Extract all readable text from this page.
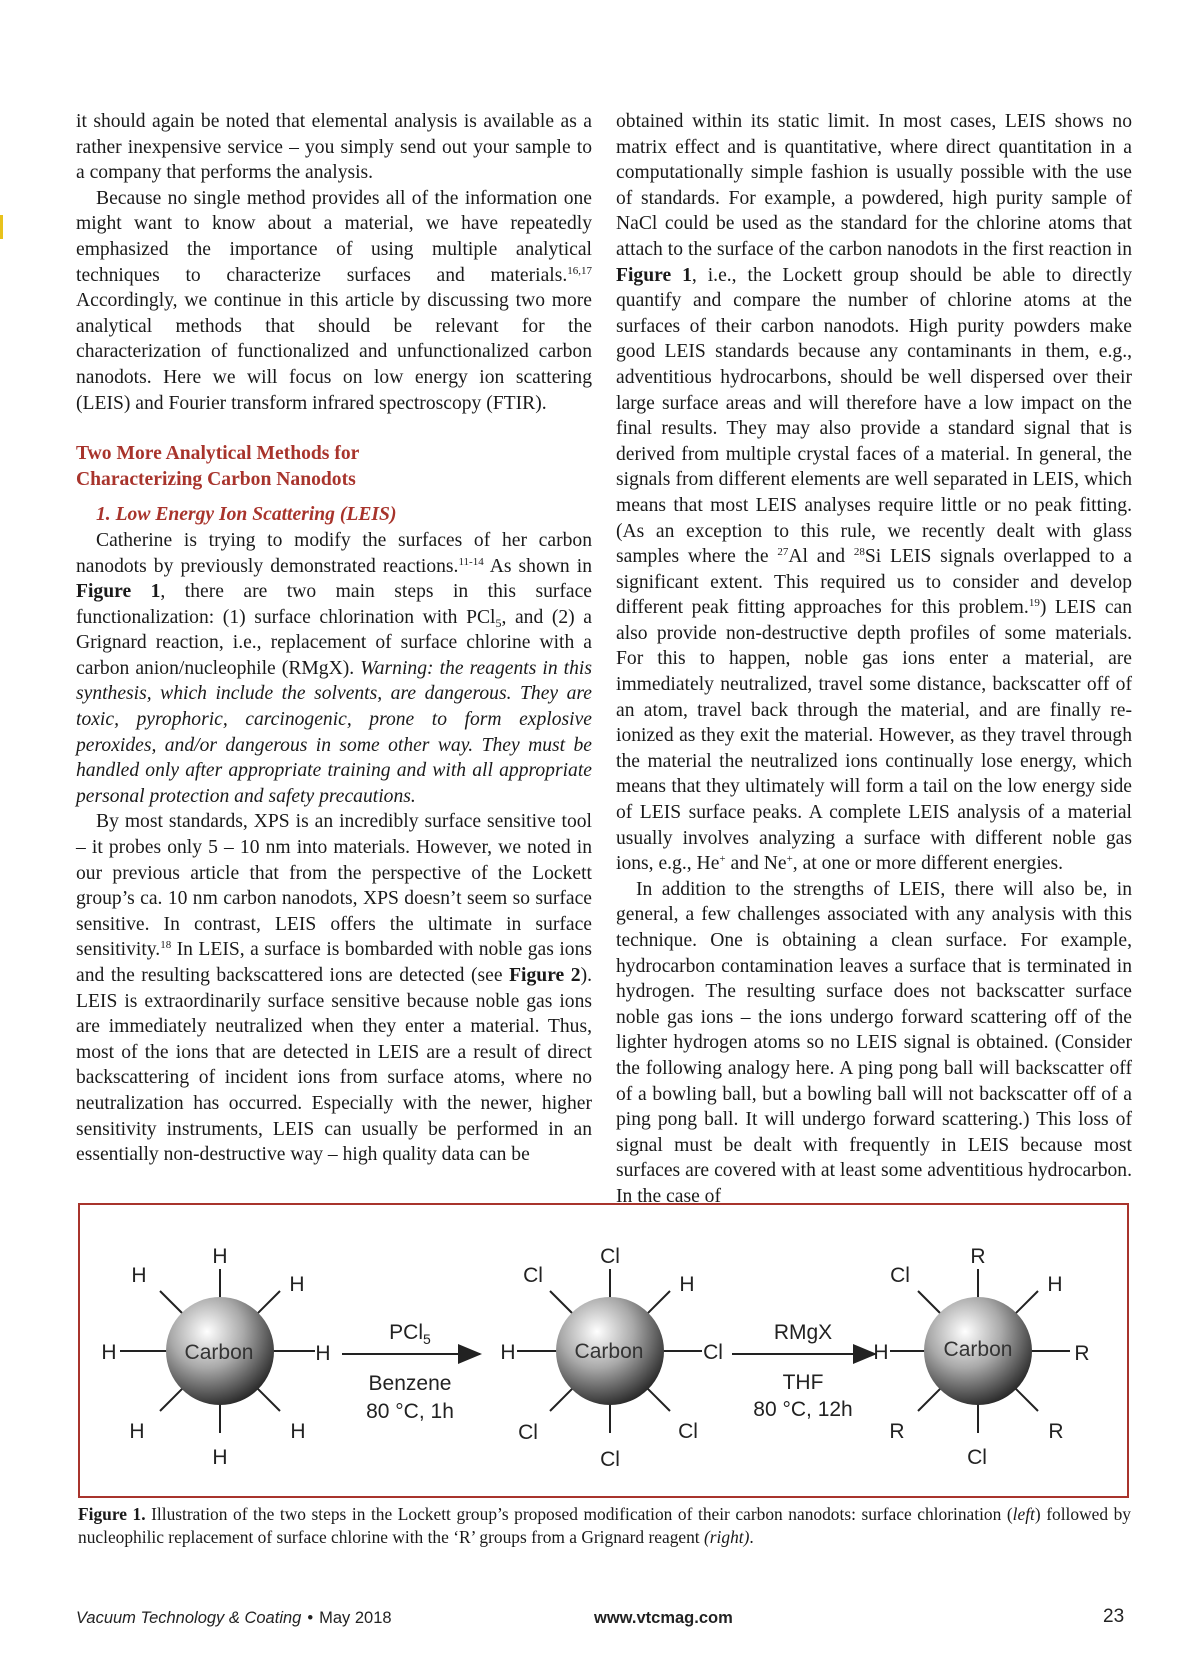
it should again be noted that elemental analysis is available as a rather inexpensive service – you simply send out your sample to a company that performs the analysis.

Because no single method provides all of the information one might want to know about a material, we have repeatedly emphasized the importance of using multiple analytical techniques to characterize surfaces and materials.$^{16,17}$ Accordingly, we continue in this article by discussing two more analytical methods that should be relevant for the characterization of functionalized and unfunctionalized carbon nanodots. Here we will focus on low energy ion scattering (LEIS) and Fourier transform infrared spectroscopy (FTIR).

Two More Analytical Methods for
Characterizing Carbon Nanodots
1. Low Energy Ion Scattering (LEIS)

Catherine is trying to modify the surfaces of her carbon nanodots by previously demonstrated reactions.$^{11-14}$ As shown in Figure 1, there are two main steps in this surface functionalization: (1) surface chlorination with PCl$_5$, and (2) a Grignard reaction, i.e., replacement of surface chlorine with a carbon anion/nucleophile (RMgX). Warning: the reagents in this synthesis, which include the solvents, are dangerous. They are toxic, pyrophoric, carcinogenic, prone to form explosive peroxides, and/or dangerous in some other way. They must be handled only after appropriate training and with all appropriate personal protection and safety precautions.

By most standards, XPS is an incredibly surface sensitive tool – it probes only 5 – 10 nm into materials. However, we noted in our previous article that from the perspective of the Lockett group’s ca. 10 nm carbon nanodots, XPS doesn’t seem so surface sensitive. In contrast, LEIS offers the ultimate in surface sensitivity.$^{18}$ In LEIS, a surface is bombarded with noble gas ions and the resulting backscattered ions are detected (see Figure 2). LEIS is extraordinarily surface sensitive because noble gas ions are immediately neutralized when they enter a material. Thus, most of the ions that are detected in LEIS are a result of direct backscattering of incident ions from surface atoms, where no neutralization has occurred. Especially with the newer, higher sensitivity instruments, LEIS can usually be performed in an essentially non-destructive way – high quality data can be

obtained within its static limit. In most cases, LEIS shows no matrix effect and is quantitative, where direct quantitation in a computationally simple fashion is usually possible with the use of standards. For example, a powdered, high purity sample of NaCl could be used as the standard for the chlorine atoms that attach to the surface of the carbon nanodots in the first reaction in Figure 1, i.e., the Lockett group should be able to directly quantify and compare the number of chlorine atoms at the surfaces of their carbon nanodots. High purity powders make good LEIS standards because any contaminants in them, e.g., adventitious hydrocarbons, should be well dispersed over their large surface areas and will therefore have a low impact on the final results. They may also provide a standard signal that is derived from multiple crystal faces of a material. In general, the signals from different elements are well separated in LEIS, which means that most LEIS analyses require little or no peak fitting. (As an exception to this rule, we recently dealt with glass samples where the $^{27}$Al and $^{28}$Si LEIS signals overlapped to a significant extent. This required us to consider and develop different peak fitting approaches for this problem.$^{19}$) LEIS can also provide non-destructive depth profiles of some materials. For this to happen, noble gas ions enter a material, are immediately neutralized, travel some distance, backscatter off of an atom, travel back through the material, and are finally re-ionized as they exit the material. However, as they travel through the material the neutralized ions continually lose energy, which means that they ultimately will form a tail on the low energy side of LEIS surface peaks. A complete LEIS analysis of a material usually involves analyzing a surface with different noble gas ions, e.g., He+ and Ne+, at one or more different energies.

In addition to the strengths of LEIS, there will also be, in general, a few challenges associated with any analysis with this technique. One is obtaining a clean surface. For example, hydrocarbon contamination leaves a surface that is terminated in hydrogen. The resulting surface does not backscatter surface noble gas ions – the ions undergo forward scattering off of the lighter hydrogen atoms so no LEIS signal is obtained. (Consider the following analogy here. A ping pong ball will backscatter off of a bowling ball, but a bowling ball will not backscatter off of a ping pong ball. It will undergo forward scattering.) This loss of signal must be dealt with frequently in LEIS because most surfaces are covered with at least some adventitious hydrocarbon. In the case of

Carbon
H
H	H
H	H
H	H
H
PCl$_5$
Benzene
80 °C, 1h
Carbon
Cl
Cl
H
H	Cl
Cl	Cl
Cl
RMgX
THF
80 °C, 12h
Carbon
Cl
R
H
H	R
R
Cl
R
Figure 1. Illustration of the two steps in the Lockett group’s proposed modification of their carbon nanodots: surface chlorination (left) followed by nucleophilic replacement of surface chlorine with the ‘R’ groups from a Grignard reagent (right).
Vacuum Technology & Coating • May 2018	www.vtcmag.com	23
